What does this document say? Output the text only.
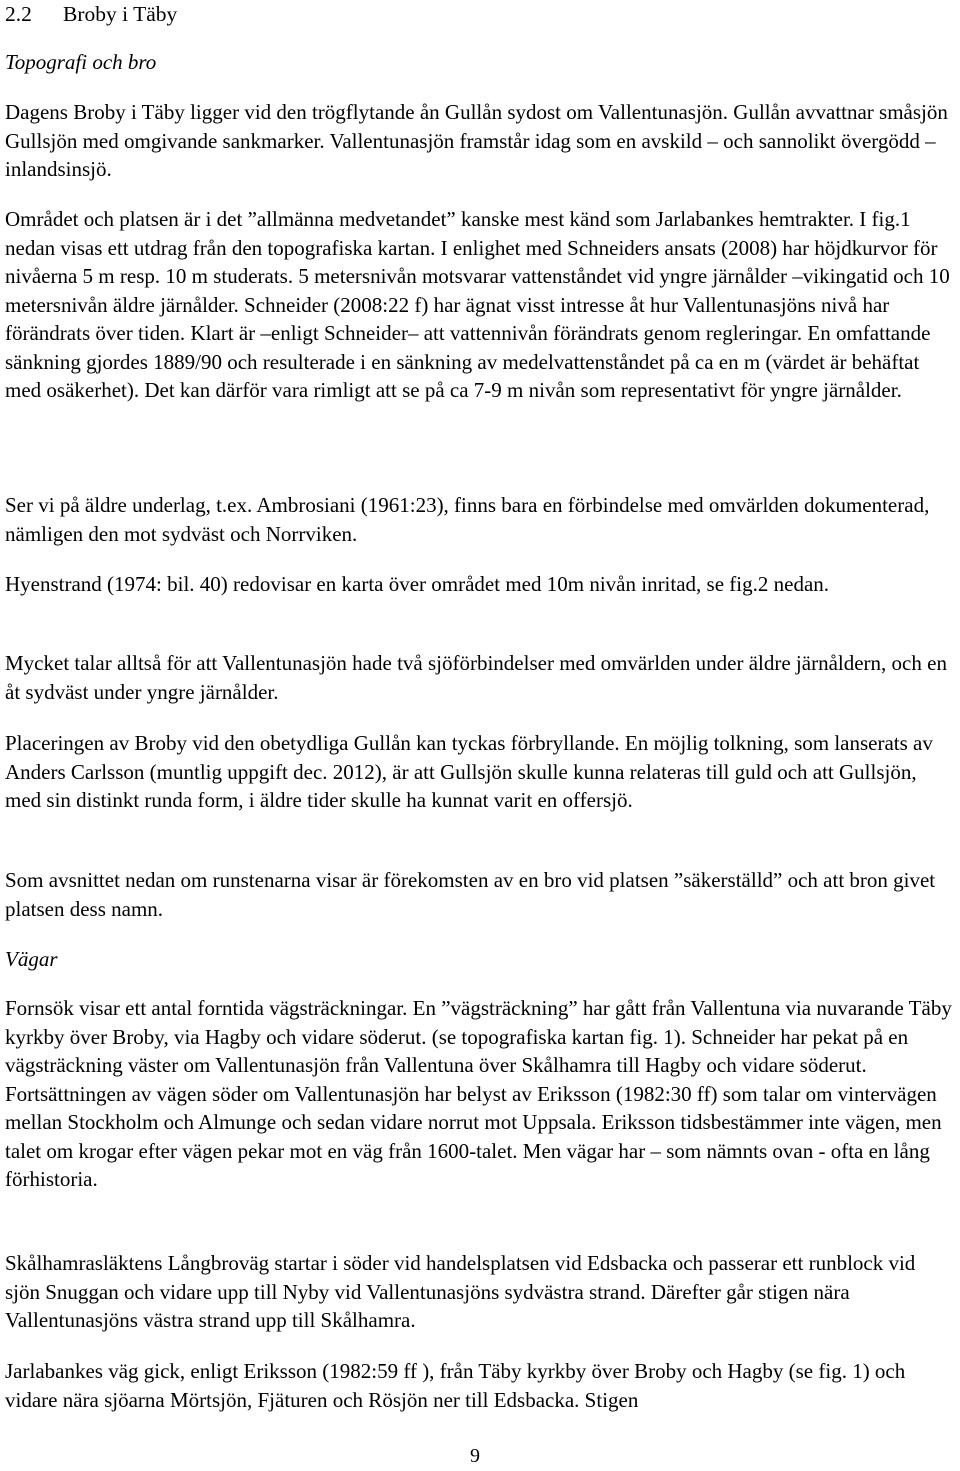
2.2 Broby i Täby

Topografi och bro

Dagens Broby i Täby ligger vid den trögflytande ån Gullån sydost om Vallentunasjön. Gullån avvattnar småsjön Gullsjön med omgivande sankmarker. Vallentunasjön framstår idag som en avskild – och sannolikt övergödd – inlandsinsjö.

Området och platsen är i det ”allmänna medvetandet” kanske mest känd som Jarlabankes hemtrakter. I fig.1 nedan visas ett utdrag från den topografiska kartan. I enlighet med Schneiders ansats (2008) har höjdkurvor för nivåerna 5 m resp. 10 m studerats. 5 metersnivån motsvarar vattenståndet vid yngre järnålder –vikingatid och 10 metersnivån äldre järnålder. Schneider (2008:22 f) har ägnat visst intresse åt hur Vallentunasjöns nivå har förändrats över tiden. Klart är –enligt Schneider– att vattennivån förändrats genom regleringar. En omfattande sänkning gjordes 1889/90 och resulterade i en sänkning av medelvattenståndet på ca en m (värdet är behäftat med osäkerhet). Det kan därför vara rimligt att se på ca 7-9 m nivån som representativt för yngre järnålder.

Ser vi på äldre underlag, t.ex. Ambrosiani (1961:23), finns bara en förbindelse med omvärlden dokumenterad, nämligen den mot sydväst och Norrviken.

Hyenstrand (1974: bil. 40) redovisar en karta över området med 10m nivån inritad, se fig.2 nedan.

Mycket talar alltså för att Vallentunasjön hade två sjöförbindelser med omvärlden under äldre järnåldern, och en åt sydväst under yngre järnålder.

Placeringen av Broby vid den obetydliga Gullån kan tyckas förbryllande. En möjlig tolkning, som lanserats av Anders Carlsson (muntlig uppgift dec. 2012), är att Gullsjön skulle kunna relateras till guld och att Gullsjön, med sin distinkt runda form, i äldre tider skulle ha kunnat varit en offersjö.

Som avsnittet nedan om runstenarna visar är förekomsten av en bro vid platsen ”säkerställd” och att bron givet platsen dess namn.

Vägar

Fornsök visar ett antal forntida vägsträckningar. En ”vägsträckning” har gått från Vallentuna via nuvarande Täby kyrkby över Broby, via Hagby och vidare söderut. (se topografiska kartan fig. 1). Schneider har pekat på en vägsträckning väster om Vallentunasjön från Vallentuna över Skålhamra till Hagby och vidare söderut. Fortsättningen av vägen söder om Vallentunasjön har belyst av Eriksson (1982:30 ff) som talar om vintervägen mellan Stockholm och Almunge och sedan vidare norrut mot Uppsala. Eriksson tidsbestämmer inte vägen, men talet om krogar efter vägen pekar mot en väg från 1600-talet. Men vägar har – som nämnts ovan - ofta en lång förhistoria.

Skålhamrasläktens Långbroväg startar i söder vid handelsplatsen vid Edsbacka och passerar ett runblock vid sjön Snuggan och vidare upp till Nyby vid Vallentunasjöns sydvästra strand. Därefter går stigen nära Vallentunasjöns västra strand upp till Skålhamra.

Jarlabankes väg gick, enligt Eriksson (1982:59 ff ), från Täby kyrkby över Broby och Hagby (se fig. 1) och vidare nära sjöarna Mörtsjön, Fjäturen och Rösjön ner till Edsbacka. Stigen

9
